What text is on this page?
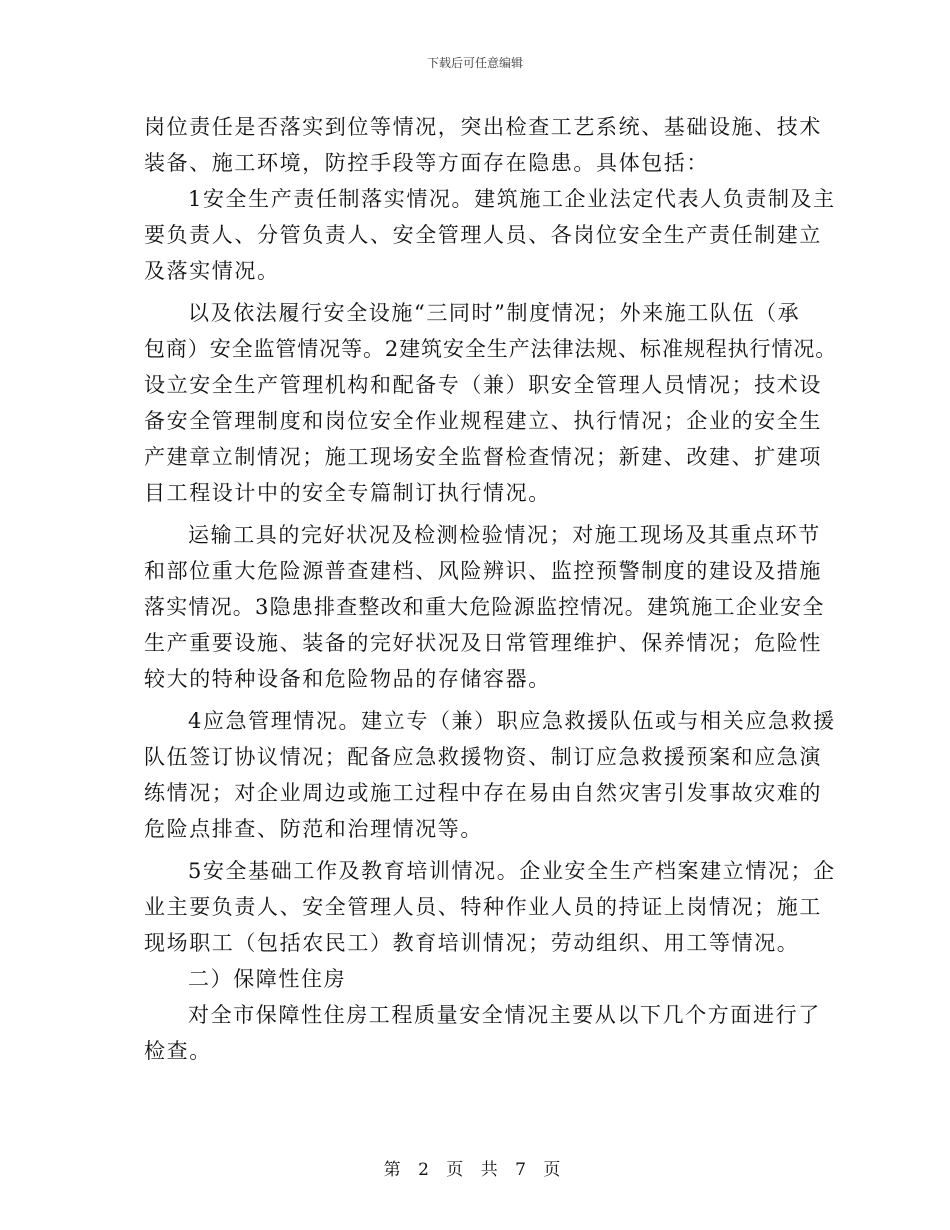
下载后可任意编辑
岗位责任是否落实到位等情况，突出检查工艺系统、基础设施、技术
装备、施工环境，防控手段等方面存在隐患。具体包括：
1安全生产责任制落实情况。建筑施工企业法定代表人负责制及主
要负责人、分管负责人、安全管理人员、各岗位安全生产责任制建立
及落实情况。
以及依法履行安全设施“三同时”制度情况；外来施工队伍（承
包商）安全监管情况等。2建筑安全生产法律法规、标准规程执行情况。
设立安全生产管理机构和配备专（兼）职安全管理人员情况；技术设
备安全管理制度和岗位安全作业规程建立、执行情况；企业的安全生
产建章立制情况；施工现场安全监督检查情况；新建、改建、扩建项
目工程设计中的安全专篇制订执行情况。
运输工具的完好状况及检测检验情况；对施工现场及其重点环节
和部位重大危险源普查建档、风险辨识、监控预警制度的建设及措施
落实情况。3隐患排查整改和重大危险源监控情况。建筑施工企业安全
生产重要设施、装备的完好状况及日常管理维护、保养情况；危险性
较大的特种设备和危险物品的存储容器。
4应急管理情况。建立专（兼）职应急救援队伍或与相关应急救援
队伍签订协议情况；配备应急救援物资、制订应急救援预案和应急演
练情况；对企业周边或施工过程中存在易由自然灾害引发事故灾难的
危险点排查、防范和治理情况等。
5安全基础工作及教育培训情况。企业安全生产档案建立情况；企
业主要负责人、安全管理人员、特种作业人员的持证上岗情况；施工
现场职工（包括农民工）教育培训情况；劳动组织、用工等情况。
二）保障性住房
对全市保障性住房工程质量安全情况主要从以下几个方面进行了
检查。
第 2 页 共 7 页
